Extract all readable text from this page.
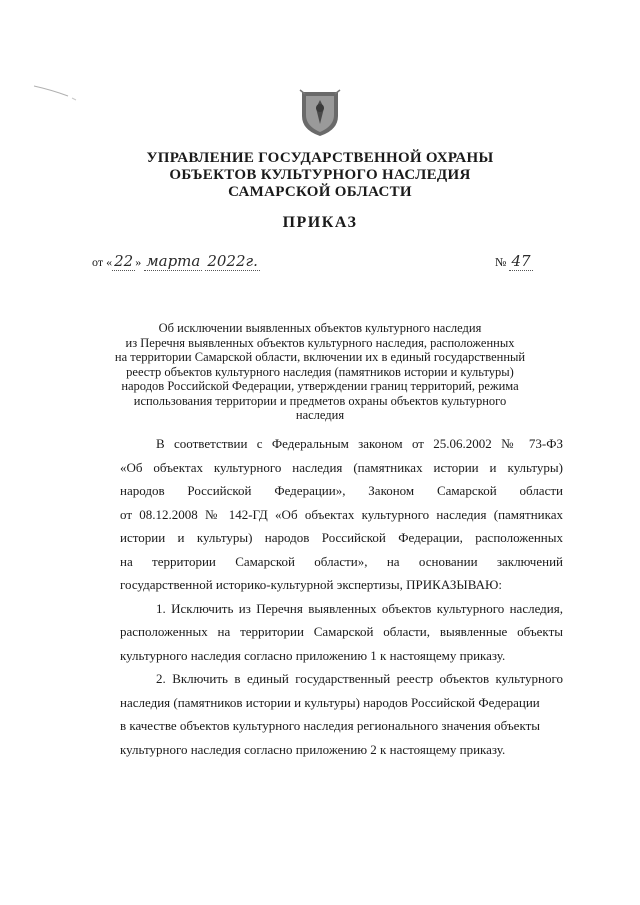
УПРАВЛЕНИЕ ГОСУДАРСТВЕННОЙ ОХРАНЫ
ОБЪЕКТОВ КУЛЬТУРНОГО НАСЛЕДИЯ
САМАРСКОЙ ОБЛАСТИ
ПРИКАЗ
от « 22 » марта 2022г.	№ 47
Об исключении выявленных объектов культурного наследия
из Перечня выявленных объектов культурного наследия, расположенных
на территории Самарской области, включении их в единый государственный
реестр объектов культурного наследия (памятников истории и культуры)
народов Российской Федерации, утверждении границ территорий, режима
использования территории и предметов охраны объектов культурного
наследия
В соответствии с Федеральным законом от 25.06.2002 № 73-ФЗ
«Об объектах культурного наследия (памятниках истории и культуры)
народов Российской Федерации», Законом Самарской области
от 08.12.2008 № 142-ГД «Об объектах культурного наследия (памятниках
истории и культуры) народов Российской Федерации, расположенных
на территории Самарской области», на основании заключений
государственной историко-культурной экспертизы, ПРИКАЗЫВАЮ:
1. Исключить из Перечня выявленных объектов культурного наследия,
расположенных на территории Самарской области, выявленные объекты
культурного наследия согласно приложению 1 к настоящему приказу.
2. Включить в единый государственный реестр объектов культурного
наследия (памятников истории и культуры) народов Российской Федерации
в качестве объектов культурного наследия регионального значения объекты
культурного наследия согласно приложению 2 к настоящему приказу.
